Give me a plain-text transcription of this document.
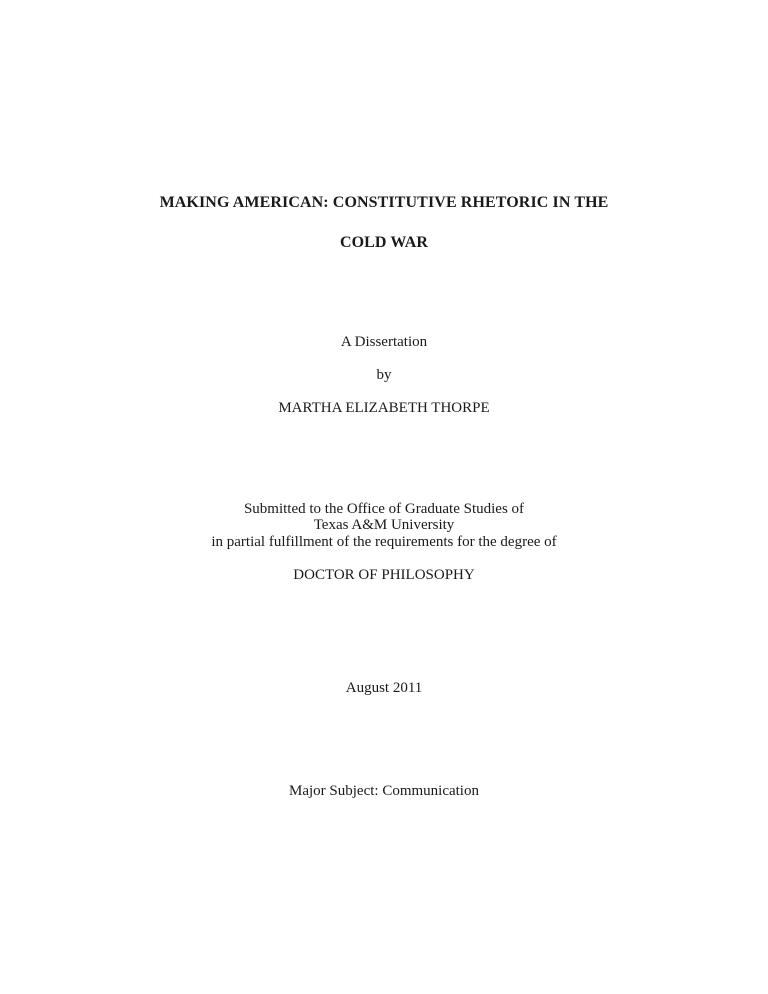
MAKING AMERICAN: CONSTITUTIVE RHETORIC IN THE
COLD WAR
A Dissertation
by
MARTHA ELIZABETH THORPE
Submitted to the Office of Graduate Studies of
Texas A&M University
in partial fulfillment of the requirements for the degree of
DOCTOR OF PHILOSOPHY
August 2011
Major Subject: Communication
